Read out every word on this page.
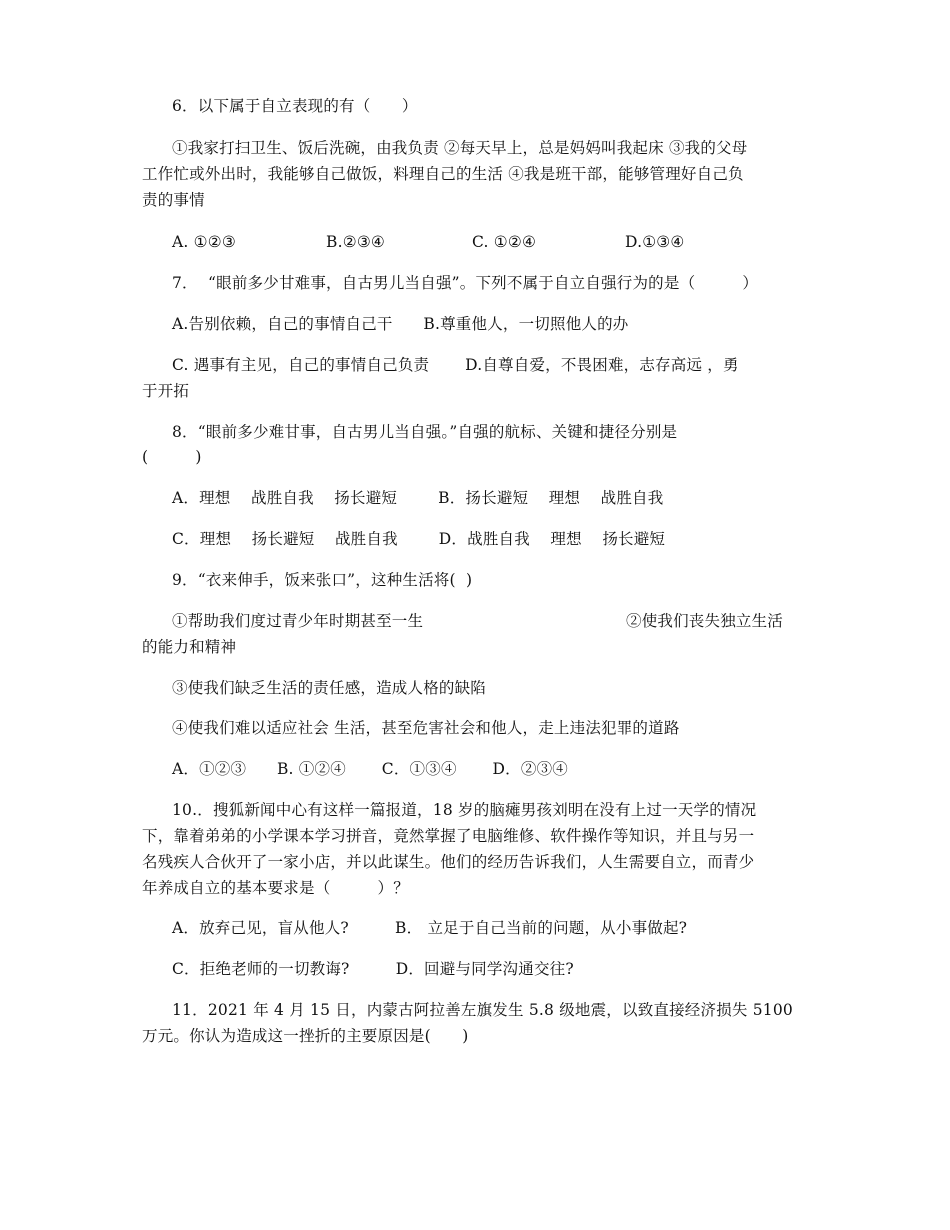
6．以下属于自立表现的有（　　）
①我家打扫卫生、饭后洗碗，由我负责 ②每天早上，总是妈妈叫我起床 ③我的父母
工作忙或外出时，我能够自己做饭，料理自己的生活 ④我是班干部，能够管理好自己负
责的事情
A. ①②③	B.②③④	C. ①②④	D.①③④
7．  “眼前多少甘难事，自古男儿当自强”。下列不属于自立自强行为的是（　　　）
A.告别依赖，自己的事情自己干      B.尊重他人，一切照他人的办
C. 遇事有主见，自己的事情自己负责       D.自尊自爱，不畏困难，志存高远 ，勇
于开拓
8．“眼前多少难甘事，自古男儿当自强。”自强的航标、关键和捷径分别是
(　　　)
A．理想    战胜自我    扬长避短        B．扬长避短    理想    战胜自我
C．理想    扬长避短    战胜自我        D．战胜自我    理想    扬长避短
9．“衣来伸手，饭来张口”，这种生活将(  )
①帮助我们度过青少年时期甚至一生	②使我们丧失独立生活
的能力和精神
③使我们缺乏生活的责任感，造成人格的缺陷
④使我们难以适应社会 生活，甚至危害社会和他人，走上违法犯罪的道路
A．①②③      B. ①②④       C．①③④       D．②③④
10.．搜狐新闻中心有这样一篇报道，18 岁的脑瘫男孩刘明在没有上过一天学的情况
下，靠着弟弟的小学课本学习拼音，竟然掌握了电脑维修、软件操作等知识，并且与另一
名残疾人合伙开了一家小店，并以此谋生。他们的经历告诉我们，人生需要自立，而青少
年养成自立的基本要求是（　　　）？
A．放弃己见，盲从他人?         B． 立足于自己当前的问题，从小事做起?
C．拒绝老师的一切教诲?         D．回避与同学沟通交往?
11．2021 年 4 月 15 日，内蒙古阿拉善左旗发生 5.8 级地震，以致直接经济损失 5100
万元。你认为造成这一挫折的主要原因是(　　)
